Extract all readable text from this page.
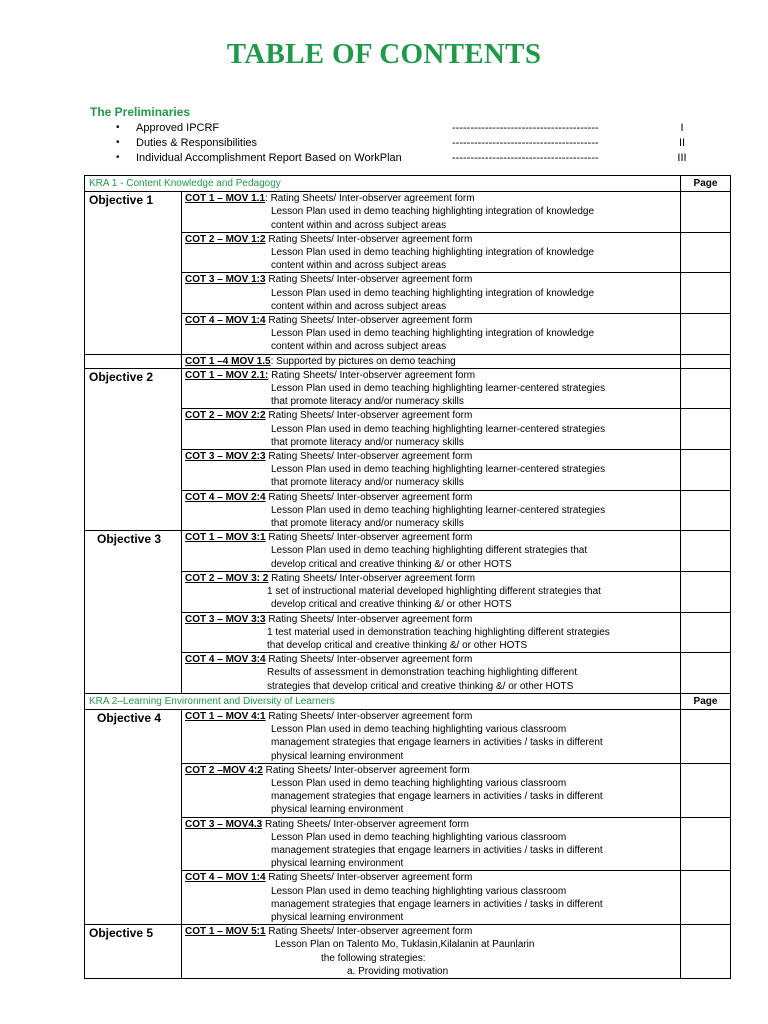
TABLE OF CONTENTS
The Preliminaries
• Approved IPCRF	----------------------------------------	I
• Duties & Responsibilities	----------------------------------------	II
• Individual Accomplishment Report Based on WorkPlan	----------------------------------------	III
KRA 1 - Content Knowledge and Pedagogy		Page
Objective 1	COT 1 – MOV 1.1: Rating Sheets/ Inter-observer agreement form
Lesson Plan used in demo teaching highlighting integration of knowledge
content within and across subject areas	

	COT 2 – MOV 1:2 Rating Sheets/ Inter-observer agreement form
Lesson Plan used in demo teaching highlighting integration of knowledge
content within and across subject areas	

	COT 3 – MOV 1:3 Rating Sheets/ Inter-observer agreement form
Lesson Plan used in demo teaching highlighting integration of knowledge
content within and across subject areas	

	COT 4 – MOV 1:4 Rating Sheets/ Inter-observer agreement form
Lesson Plan used in demo teaching highlighting integration of knowledge
content within and across subject areas	

	COT 1 –4 MOV 1.5: Supported by pictures on demo teaching	

Objective 2	COT 1 – MOV 2.1: Rating Sheets/ Inter-observer agreement form
Lesson Plan used in demo teaching highlighting learner-centered strategies
that promote literacy and/or numeracy skills	

	COT 2 – MOV 2:2 Rating Sheets/ Inter-observer agreement form
Lesson Plan used in demo teaching highlighting learner-centered strategies
that promote literacy and/or numeracy skills	

	COT 3 – MOV 2:3 Rating Sheets/ Inter-observer agreement form
Lesson Plan used in demo teaching highlighting learner-centered strategies
that promote literacy and/or numeracy skills	

	COT 4 – MOV 2:4 Rating Sheets/ Inter-observer agreement form
Lesson Plan used in demo teaching highlighting learner-centered strategies
that promote literacy and/or numeracy skills	

Objective 3	COT 1 – MOV 3:1 Rating Sheets/ Inter-observer agreement form
Lesson Plan used in demo teaching highlighting different strategies that
develop critical and creative thinking &/ or other HOTS	

	COT 2 – MOV 3: 2 Rating Sheets/ Inter-observer agreement form
1 set of instructional material developed highlighting different strategies that
develop critical and creative thinking &/ or other HOTS	

	COT 3 – MOV 3:3 Rating Sheets/ Inter-observer agreement form
1 test material used in demonstration teaching highlighting different strategies
that develop critical and creative thinking &/ or other HOTS	

	COT 4 – MOV 3:4 Rating Sheets/ Inter-observer agreement form
Results of assessment in demonstration teaching highlighting different
strategies that develop critical and creative thinking &/ or other HOTS	

KRA 2–Learning Environment and Diversity of Learners		Page
Objective 4	COT 1 – MOV 4:1 Rating Sheets/ Inter-observer agreement form
Lesson Plan used in demo teaching highlighting various classroom
management strategies that engage learners in activities / tasks in different
physical learning environment	

	COT 2 –MOV 4:2 Rating Sheets/ Inter-observer agreement form
Lesson Plan used in demo teaching highlighting various classroom
management strategies that engage learners in activities / tasks in different
physical learning environment	

	COT 3 – MOV4.3 Rating Sheets/ Inter-observer agreement form
Lesson Plan used in demo teaching highlighting various classroom
management strategies that engage learners in activities / tasks in different
physical learning environment	

	COT 4 – MOV 1:4 Rating Sheets/ Inter-observer agreement form
Lesson Plan used in demo teaching highlighting various classroom
management strategies that engage learners in activities / tasks in different
physical learning environment	

Objective 5	COT 1 – MOV 5:1 Rating Sheets/ Inter-observer agreement form
Lesson Plan on Talento Mo, Tuklasin,Kilalanin at Paunlarin
the following strategies:
a. Providing motivation	
